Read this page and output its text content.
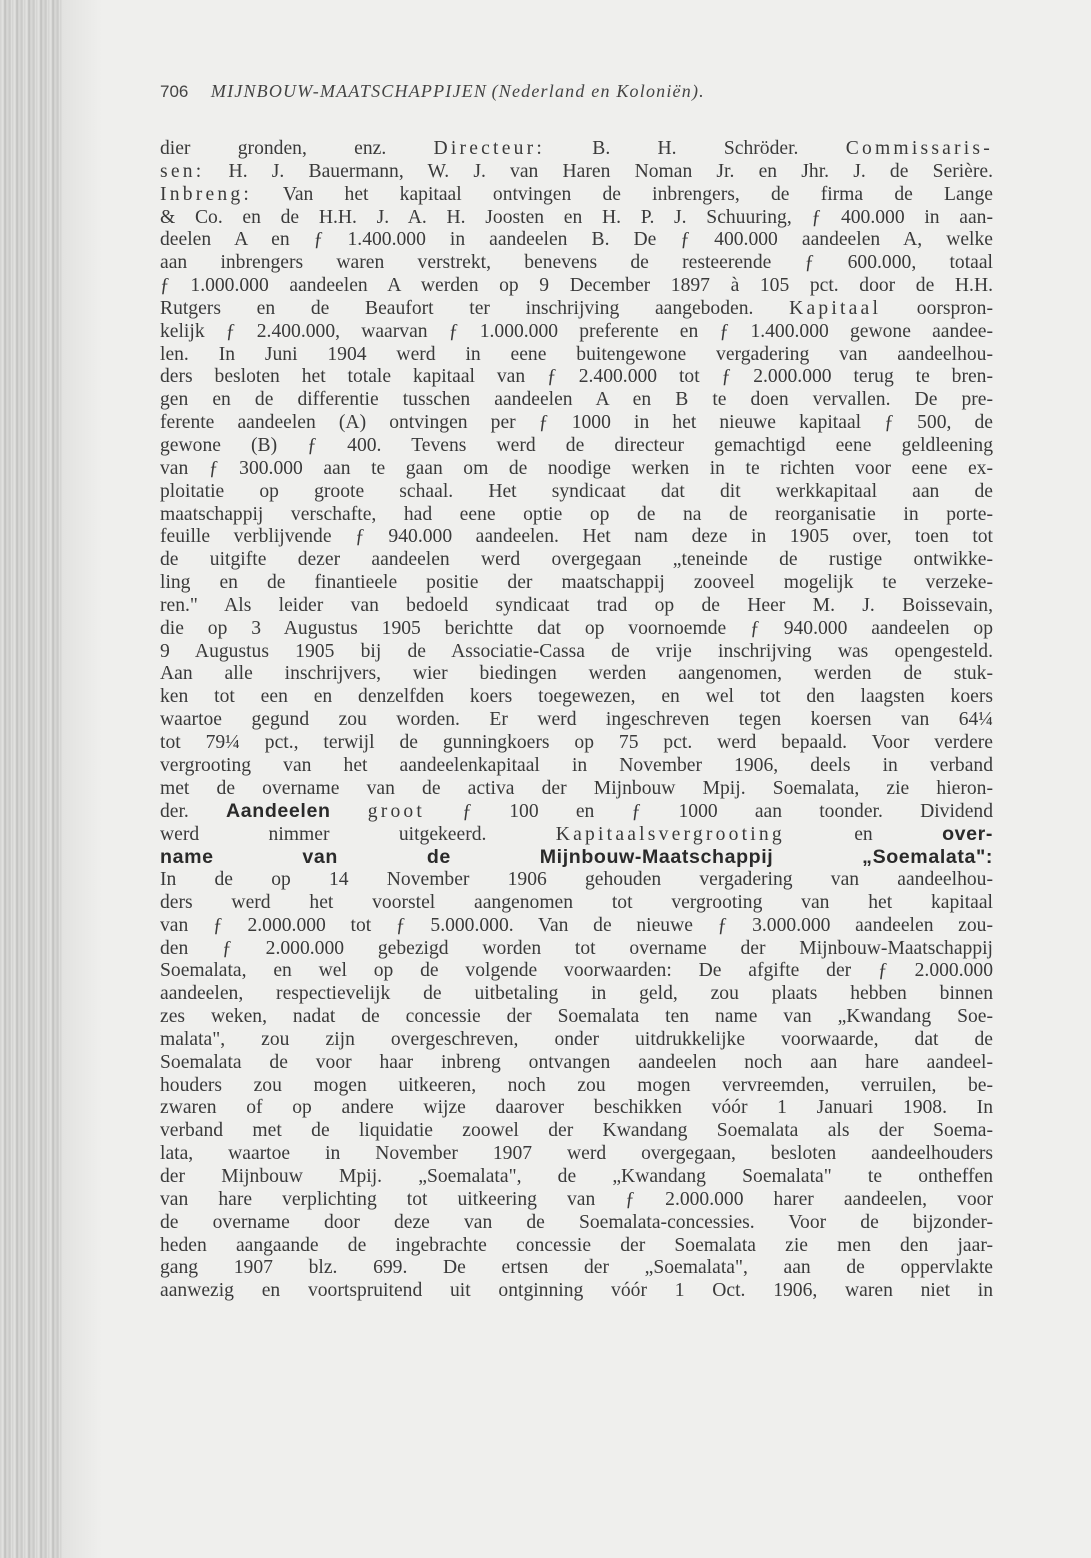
706 MIJNBOUW-MAATSCHAPPIJEN (Nederland en Koloniën).
dier gronden, enz. Directeur: B. H. Schröder. Commissaris-
sen: H. J. Bauermann, W. J. van Haren Noman Jr. en Jhr. J. de Serière.
Inbreng: Van het kapitaal ontvingen de inbrengers, de firma de Lange
& Co. en de H.H. J. A. H. Joosten en H. P. J. Schuuring, ƒ 400.000 in aan-
deelen A en ƒ 1.400.000 in aandeelen B. De ƒ 400.000 aandeelen A, welke
aan inbrengers waren verstrekt, benevens de resteerende ƒ 600.000, totaal
ƒ 1.000.000 aandeelen A werden op 9 December 1897 à 105 pct. door de H.H.
Rutgers en de Beaufort ter inschrijving aangeboden. Kapitaal oorspron-
kelijk ƒ 2.400.000, waarvan ƒ 1.000.000 preferente en ƒ 1.400.000 gewone aandee-
len. In Juni 1904 werd in eene buitengewone vergadering van aandeelhou-
ders besloten het totale kapitaal van ƒ 2.400.000 tot ƒ 2.000.000 terug te bren-
gen en de differentie tusschen aandeelen A en B te doen vervallen. De pre-
ferente aandeelen (A) ontvingen per ƒ 1000 in het nieuwe kapitaal ƒ 500, de
gewone (B) ƒ 400. Tevens werd de directeur gemachtigd eene geldleening
van ƒ 300.000 aan te gaan om de noodige werken in te richten voor eene ex-
ploitatie op groote schaal. Het syndicaat dat dit werkkapitaal aan de
maatschappij verschafte, had eene optie op de na de reorganisatie in porte-
feuille verblijvende ƒ 940.000 aandeelen. Het nam deze in 1905 over, toen tot
de uitgifte dezer aandeelen werd overgegaan „teneinde de rustige ontwikke-
ling en de finantieele positie der maatschappij zooveel mogelijk te verzeke-
ren." Als leider van bedoeld syndicaat trad op de Heer M. J. Boissevain,
die op 3 Augustus 1905 berichtte dat op voornoemde ƒ 940.000 aandeelen op
9 Augustus 1905 bij de Associatie-Cassa de vrije inschrijving was opengesteld.
Aan alle inschrijvers, wier biedingen werden aangenomen, werden de stuk-
ken tot een en denzelfden koers toegewezen, en wel tot den laagsten koers
waartoe gegund zou worden. Er werd ingeschreven tegen koersen van 64¼
tot 79¼ pct., terwijl de gunningkoers op 75 pct. werd bepaald. Voor verdere
vergrooting van het aandeelenkapitaal in November 1906, deels in verband
met de overname van de activa der Mijnbouw Mpij. Soemalata, zie hieron-
der. Aandeelen groot ƒ 100 en ƒ 1000 aan toonder. Dividend
werd nimmer uitgekeerd. Kapitaalsvergrooting en over-
name van de Mijnbouw-Maatschappij „Soemalata":
In de op 14 November 1906 gehouden vergadering van aandeelhou-
ders werd het voorstel aangenomen tot vergrooting van het kapitaal
van ƒ 2.000.000 tot ƒ 5.000.000. Van de nieuwe ƒ 3.000.000 aandeelen zou-
den ƒ 2.000.000 gebezigd worden tot overname der Mijnbouw-Maatschappij
Soemalata, en wel op de volgende voorwaarden: De afgifte der ƒ 2.000.000
aandeelen, respectievelijk de uitbetaling in geld, zou plaats hebben binnen
zes weken, nadat de concessie der Soemalata ten name van „Kwandang Soe-
malata", zou zijn overgeschreven, onder uitdrukkelijke voorwaarde, dat de
Soemalata de voor haar inbreng ontvangen aandeelen noch aan hare aandeel-
houders zou mogen uitkeeren, noch zou mogen vervreemden, verruilen, be-
zwaren of op andere wijze daarover beschikken vóór 1 Januari 1908. In
verband met de liquidatie zoowel der Kwandang Soemalata als der Soema-
lata, waartoe in November 1907 werd overgegaan, besloten aandeelhouders
der Mijnbouw Mpij. „Soemalata", de „Kwandang Soemalata" te ontheffen
van hare verplichting tot uitkeering van ƒ 2.000.000 harer aandeelen, voor
de overname door deze van de Soemalata-concessies. Voor de bijzonder-
heden aangaande de ingebrachte concessie der Soemalata zie men den jaar-
gang 1907 blz. 699. De ertsen der „Soemalata", aan de oppervlakte
aanwezig en voortspruitend uit ontginning vóór 1 Oct. 1906, waren niet in
